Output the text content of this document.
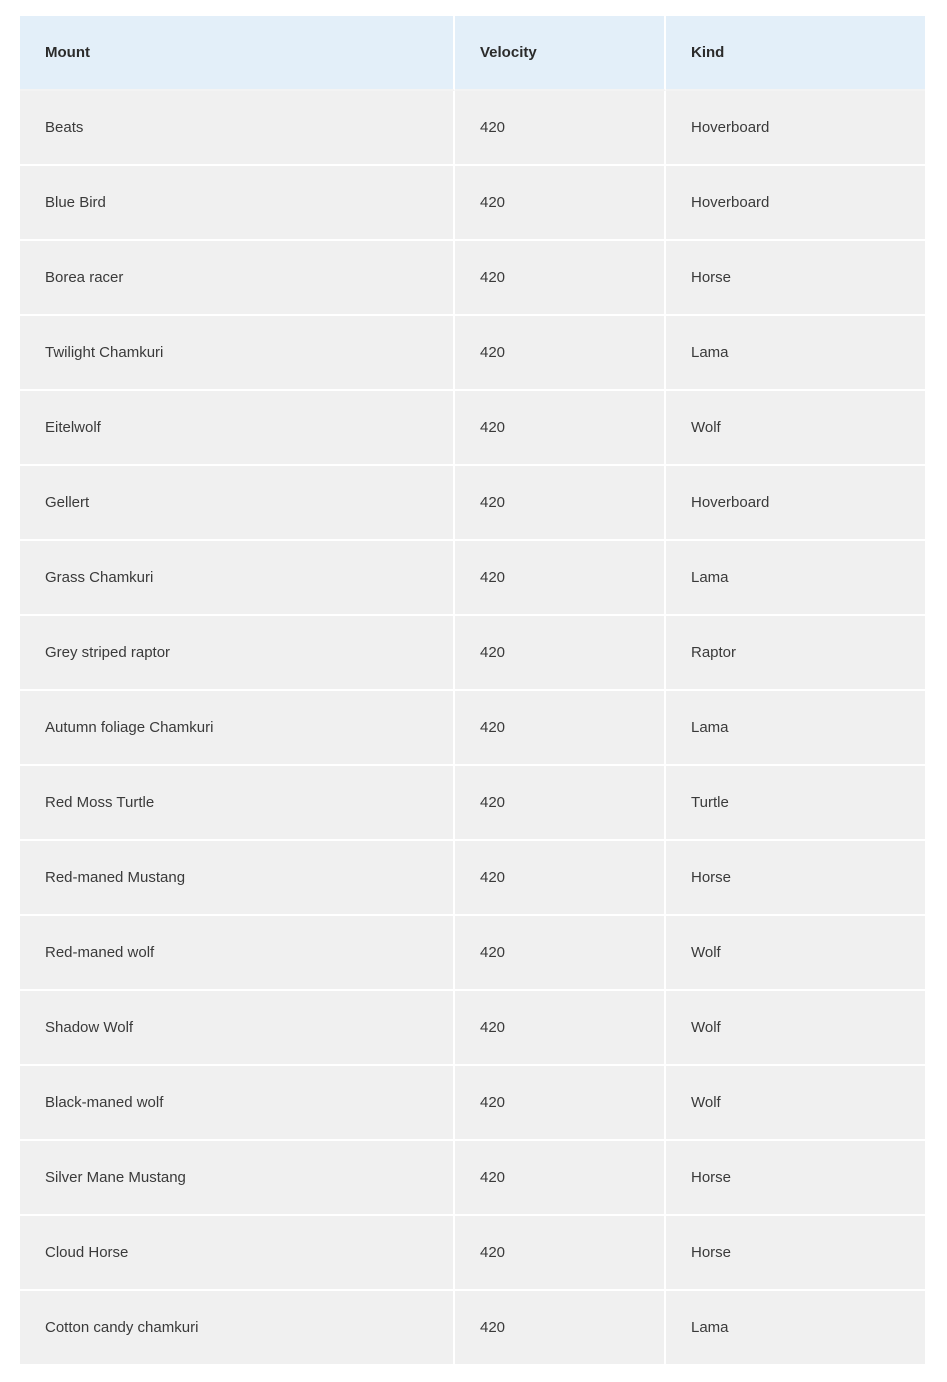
Mount	Velocity	Kind
Beats	420	Hoverboard
Blue Bird	420	Hoverboard
Borea racer	420	Horse
Twilight Chamkuri	420	Lama
Eitelwolf	420	Wolf
Gellert	420	Hoverboard
Grass Chamkuri	420	Lama
Grey striped raptor	420	Raptor
Autumn foliage Chamkuri	420	Lama
Red Moss Turtle	420	Turtle
Red-maned Mustang	420	Horse
Red-maned wolf	420	Wolf
Shadow Wolf	420	Wolf
Black-maned wolf	420	Wolf
Silver Mane Mustang	420	Horse
Cloud Horse	420	Horse
Cotton candy chamkuri	420	Lama
